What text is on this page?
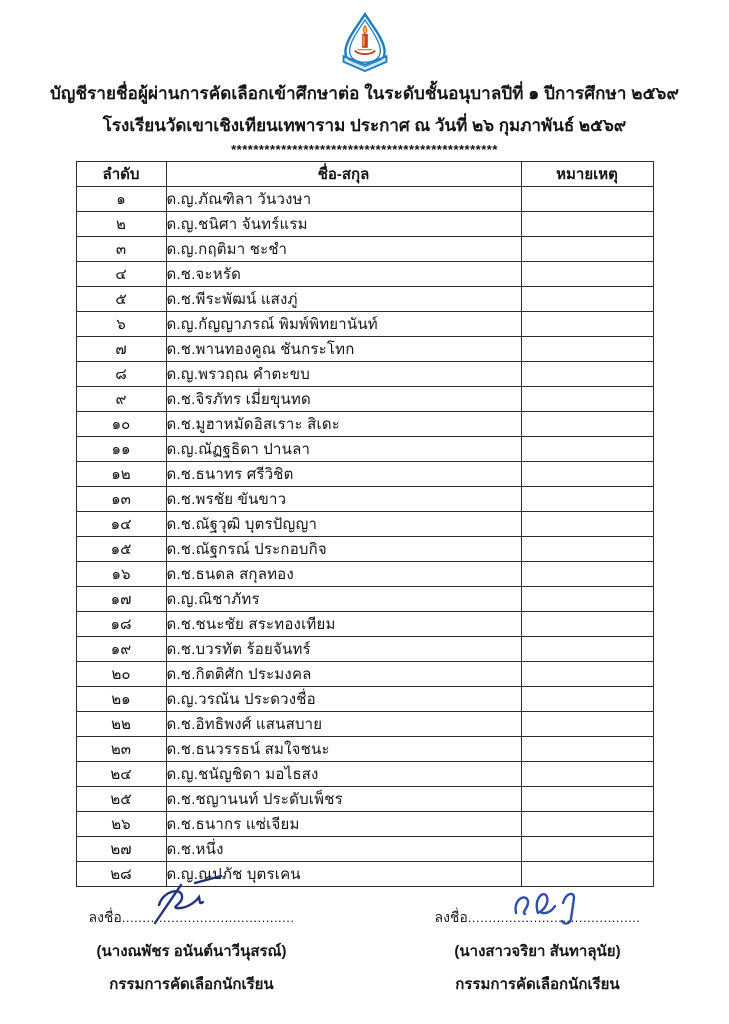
บัญชีรายชื่อผู้ผ่านการคัดเลือกเข้าศึกษาต่อ ในระดับชั้นอนุบาลปีที่ ๑ ปีการศึกษา ๒๕๖๙
โรงเรียนวัดเขาเชิงเทียนเทพาราม ประกาศ ณ วันที่ ๒๖ กุมภาพันธ์ ๒๕๖๙
************************************************
ลำดับ	ชื่อ-สกุล	หมายเหตุ
๑	ด.ญ.ภัณฑิลา วันวงษา	
๒	ด.ญ.ชนิศา จันทร์แรม	
๓	ด.ญ.กฤติมา ชะชำ	
๔	ด.ช.จะหรัด	
๕	ด.ช.พีระพัฒน์ แสงภู่	
๖	ด.ญ.กัญญาภรณ์ พิมพ์พิทยานันท์	
๗	ด.ช.พานทองคูณ ชันกระโทก	
๘	ด.ญ.พรวฤณ คำตะขบ	
๙	ด.ช.จิรภัทร เมี่ยขุนทด	
๑๐	ด.ช.มูฮาหมัดอิสเราะ สิเดะ	
๑๑	ด.ญ.ณัฏฐธิดา ปานลา	
๑๒	ด.ช.ธนาทร ศรีวิชิต	
๑๓	ด.ช.พรชัย ขันขาว	
๑๔	ด.ช.ณัฐวุฒิ บุตรปัญญา	
๑๕	ด.ช.ณัฐกรณ์ ประกอบกิจ	
๑๖	ด.ช.ธนดล สกุลทอง	
๑๗	ด.ญ.ณิชาภัทร	
๑๘	ด.ช.ชนะชัย สระทองเทียม	
๑๙	ด.ช.บวรทัต ร้อยจันทร์	
๒๐	ด.ช.กิตติศัก ประมงคล	
๒๑	ด.ญ.วรณัน ประดวงชื่อ	
๒๒	ด.ช.อิทธิพงศ์ แสนสบาย	
๒๓	ด.ช.ธนวรรธน์ สมใจชนะ	
๒๔	ด.ญ.ชนัญชิดา มอไธสง	
๒๕	ด.ช.ชญานนท์ ประดับเพ็ชร	
๒๖	ด.ช.ธนากร แซ่เจียม	
๒๗	ด.ช.หนึ่ง	
๒๘	ด.ญ.ณปภัช บุตรเคน	
ลงชื่อ..........................................
(นางณพัชร อนันต์นาวีนุสรณ์)
กรรมการคัดเลือกนักเรียน
ลงชื่อ..........................................
(นางสาวจริยา สันทาลุนัย)
กรรมการคัดเลือกนักเรียน
